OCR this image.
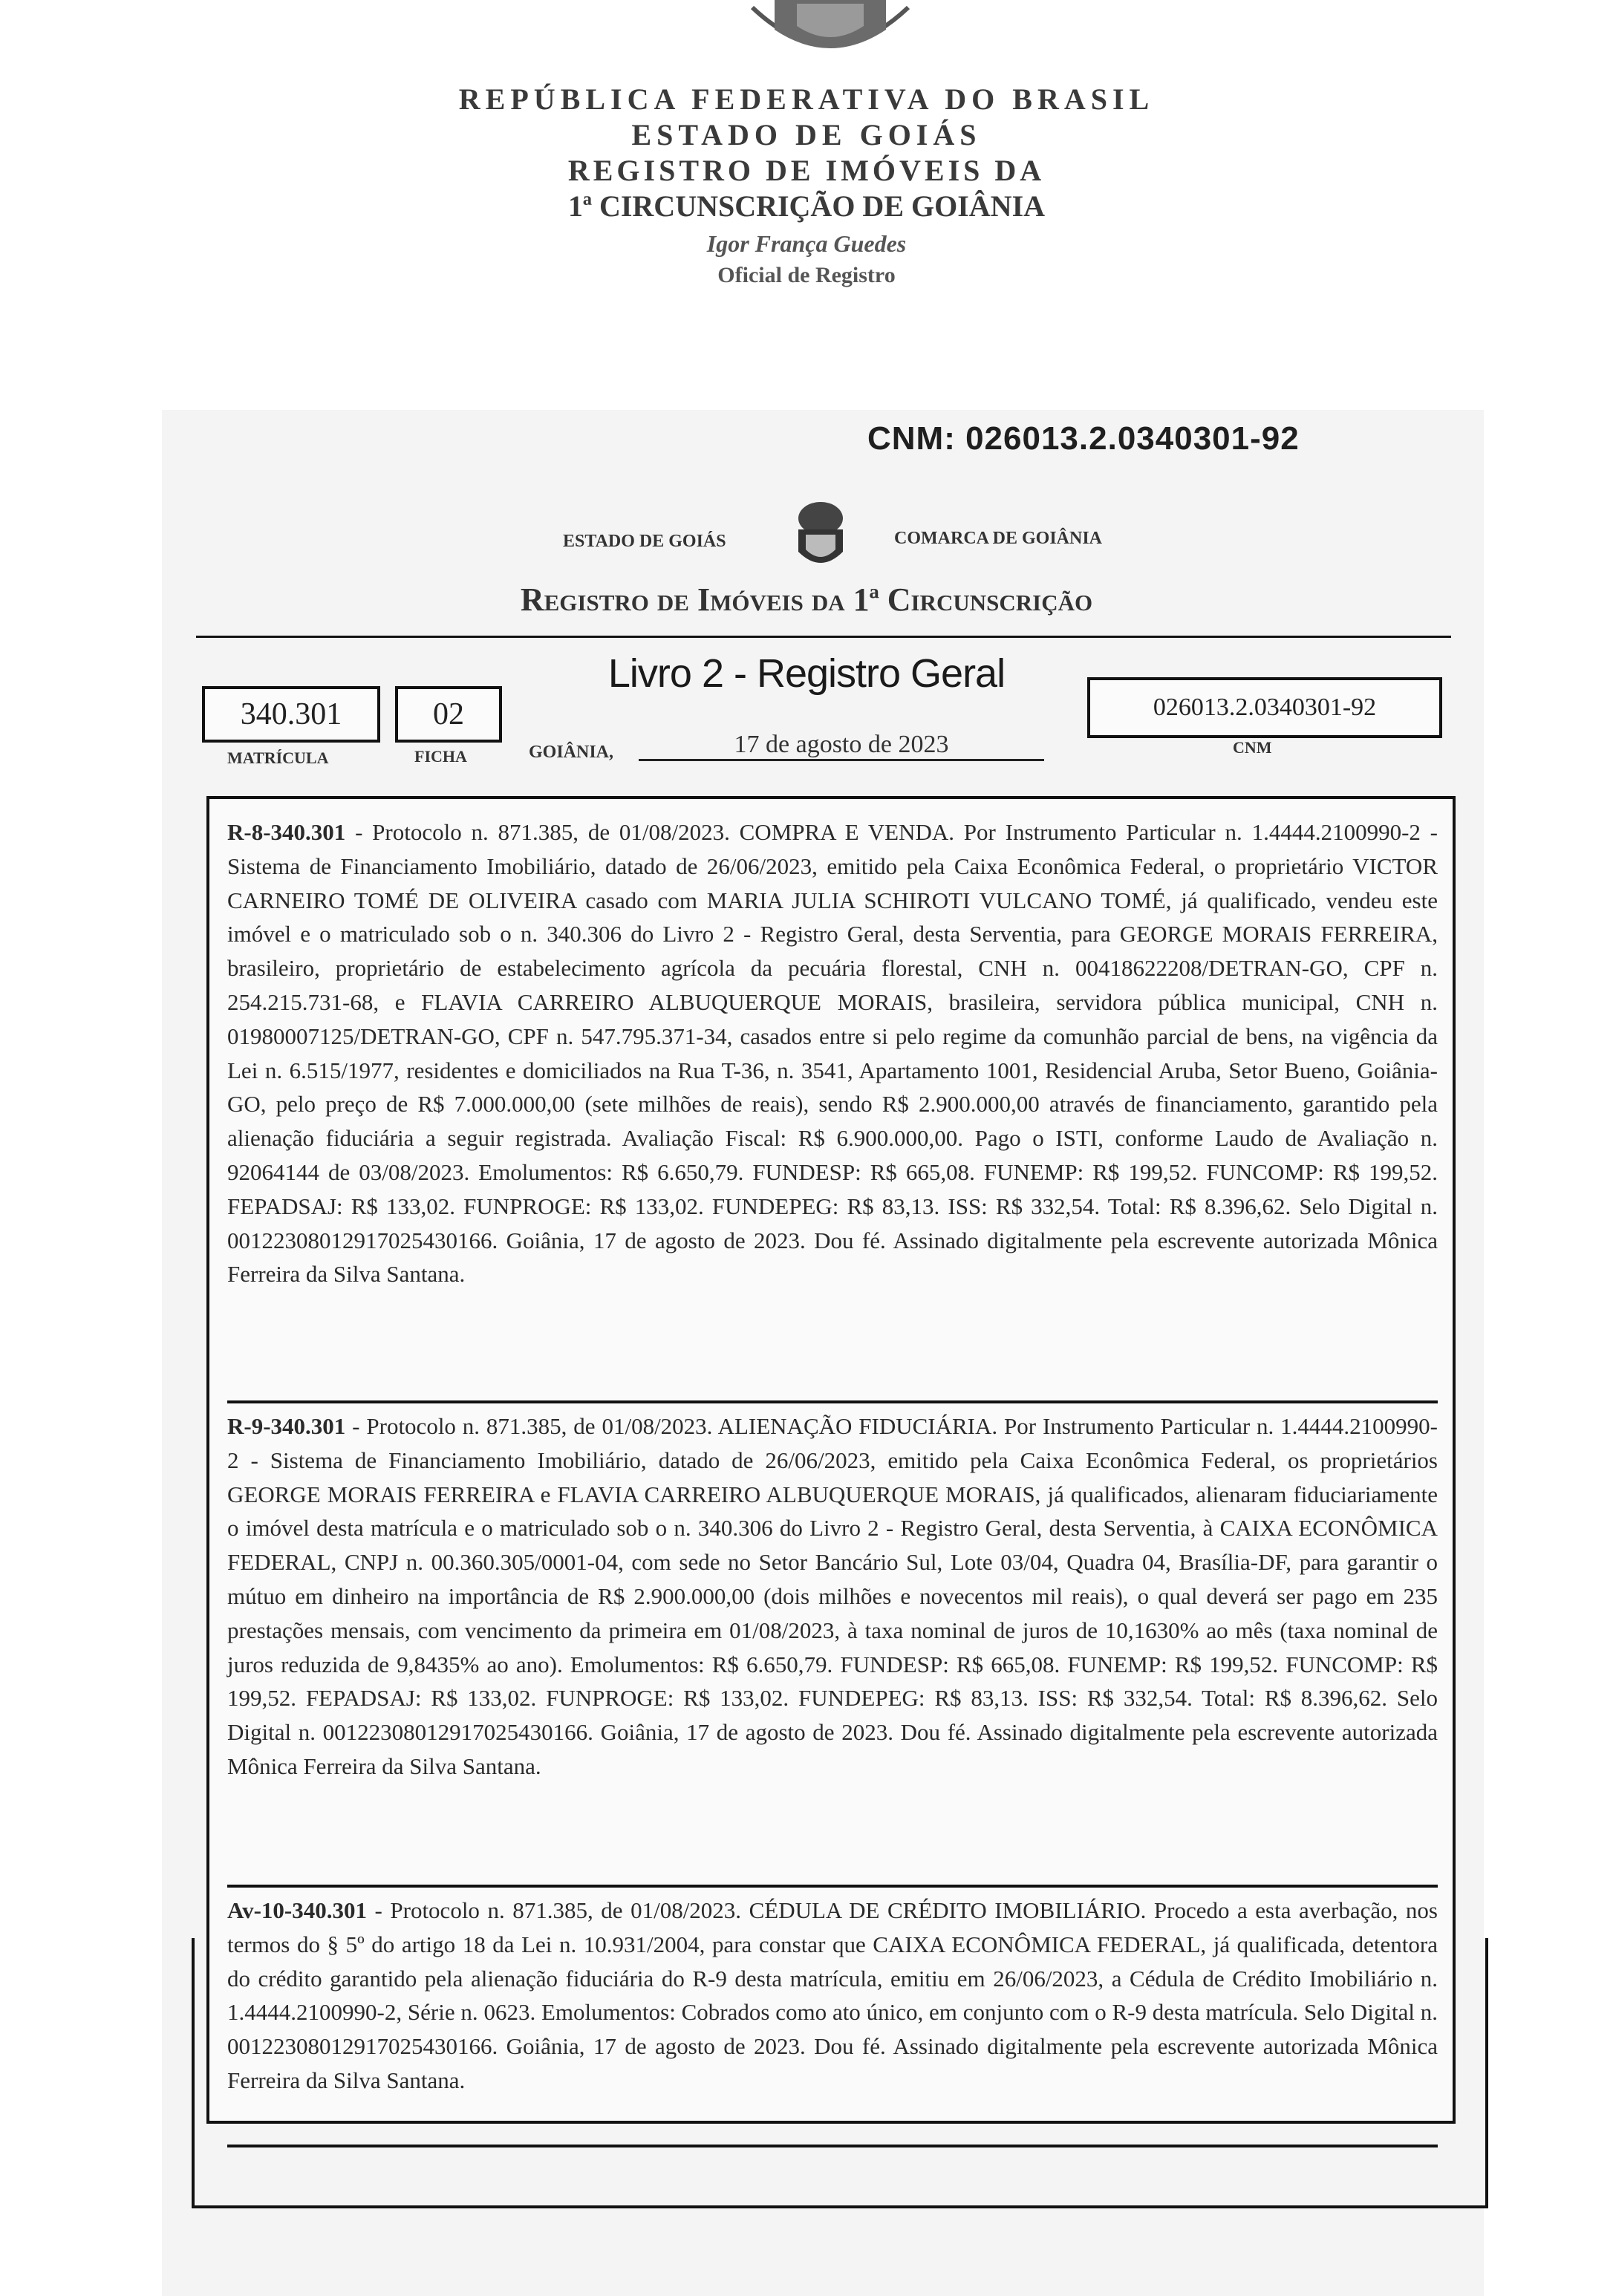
REPÚBLICA FEDERATIVA DO BRASIL
ESTADO DE GOIÁS
REGISTRO DE IMÓVEIS DA
1ª CIRCUNSCRIÇÃO DE GOIÂNIA
Igor França Guedes
Oficial de Registro
CNM: 026013.2.0340301-92
ESTADO DE GOIÁS	COMARCA DE GOIÂNIA
Registro de Imóveis da 1ª Circunscrição
Livro 2 - Registro Geral
340.301
MATRÍCULA
02
FICHA	GOIÂNIA,	17 de agosto de 2023
026013.2.0340301-92
CNM
R-8-340.301 - Protocolo n. 871.385, de 01/08/2023. COMPRA E VENDA. Por Instrumento Particular n. 1.4444.2100990-2 - Sistema de Financiamento Imobiliário, datado de 26/06/2023, emitido pela Caixa Econômica Federal, o proprietário VICTOR CARNEIRO TOMÉ DE OLIVEIRA casado com MARIA JULIA SCHIROTI VULCANO TOMÉ, já qualificado, vendeu este imóvel e o matriculado sob o n. 340.306 do Livro 2 - Registro Geral, desta Serventia, para GEORGE MORAIS FERREIRA, brasileiro, proprietário de estabelecimento agrícola da pecuária florestal, CNH n. 00418622208/DETRAN-GO, CPF n. 254.215.731-68, e FLAVIA CARREIRO ALBUQUERQUE MORAIS, brasileira, servidora pública municipal, CNH n. 01980007125/DETRAN-GO, CPF n. 547.795.371-34, casados entre si pelo regime da comunhão parcial de bens, na vigência da Lei n. 6.515/1977, residentes e domiciliados na Rua T-36, n. 3541, Apartamento 1001, Residencial Aruba, Setor Bueno, Goiânia-GO, pelo preço de R$ 7.000.000,00 (sete milhões de reais), sendo R$ 2.900.000,00 através de financiamento, garantido pela alienação fiduciária a seguir registrada. Avaliação Fiscal: R$ 6.900.000,00. Pago o ISTI, conforme Laudo de Avaliação n. 92064144 de 03/08/2023. Emolumentos: R$ 6.650,79. FUNDESP: R$ 665,08. FUNEMP: R$ 199,52. FUNCOMP: R$ 199,52. FEPADSAJ: R$ 133,02. FUNPROGE: R$ 133,02. FUNDEPEG: R$ 83,13. ISS: R$ 332,54. Total: R$ 8.396,62. Selo Digital n. 00122308012917025430166. Goiânia, 17 de agosto de 2023. Dou fé. Assinado digitalmente pela escrevente autorizada Mônica Ferreira da Silva Santana.
R-9-340.301 - Protocolo n. 871.385, de 01/08/2023. ALIENAÇÃO FIDUCIÁRIA. Por Instrumento Particular n. 1.4444.2100990-2 - Sistema de Financiamento Imobiliário, datado de 26/06/2023, emitido pela Caixa Econômica Federal, os proprietários GEORGE MORAIS FERREIRA e FLAVIA CARREIRO ALBUQUERQUE MORAIS, já qualificados, alienaram fiduciariamente o imóvel desta matrícula e o matriculado sob o n. 340.306 do Livro 2 - Registro Geral, desta Serventia, à CAIXA ECONÔMICA FEDERAL, CNPJ n. 00.360.305/0001-04, com sede no Setor Bancário Sul, Lote 03/04, Quadra 04, Brasília-DF, para garantir o mútuo em dinheiro na importância de R$ 2.900.000,00 (dois milhões e novecentos mil reais), o qual deverá ser pago em 235 prestações mensais, com vencimento da primeira em 01/08/2023, à taxa nominal de juros de 10,1630% ao mês (taxa nominal de juros reduzida de 9,8435% ao ano). Emolumentos: R$ 6.650,79. FUNDESP: R$ 665,08. FUNEMP: R$ 199,52. FUNCOMP: R$ 199,52. FEPADSAJ: R$ 133,02. FUNPROGE: R$ 133,02. FUNDEPEG: R$ 83,13. ISS: R$ 332,54. Total: R$ 8.396,62. Selo Digital n. 00122308012917025430166. Goiânia, 17 de agosto de 2023. Dou fé. Assinado digitalmente pela escrevente autorizada Mônica Ferreira da Silva Santana.
Av-10-340.301 - Protocolo n. 871.385, de 01/08/2023. CÉDULA DE CRÉDITO IMOBILIÁRIO. Procedo a esta averbação, nos termos do § 5º do artigo 18 da Lei n. 10.931/2004, para constar que CAIXA ECONÔMICA FEDERAL, já qualificada, detentora do crédito garantido pela alienação fiduciária do R-9 desta matrícula, emitiu em 26/06/2023, a Cédula de Crédito Imobiliário n. 1.4444.2100990-2, Série n. 0623. Emolumentos: Cobrados como ato único, em conjunto com o R-9 desta matrícula. Selo Digital n. 00122308012917025430166. Goiânia, 17 de agosto de 2023. Dou fé. Assinado digitalmente pela escrevente autorizada Mônica Ferreira da Silva Santana.
